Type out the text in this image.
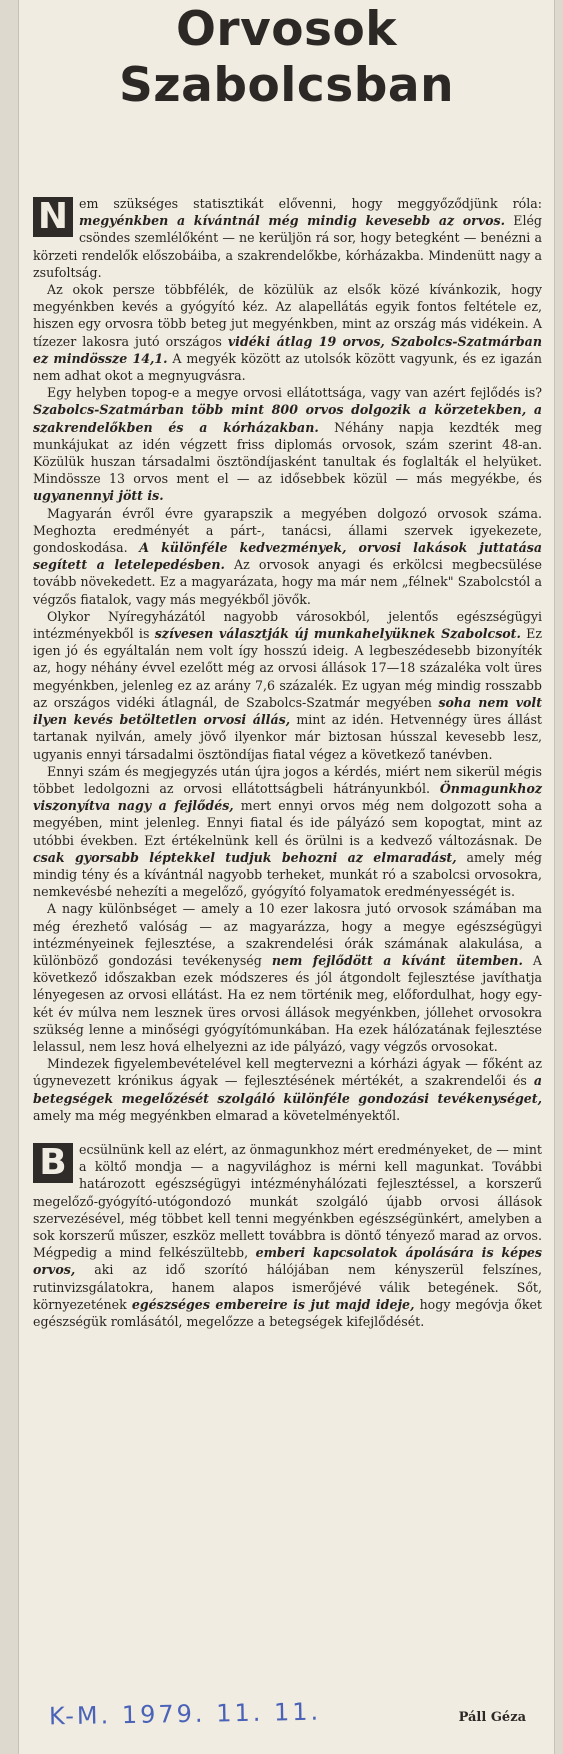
Orvosok
Szabolcsban

N em szükséges statisztikát elővenni, hogy meggyőződjünk róla: megyénkben a kívántnál még mindig kevesebb az orvos. Elég csöndes szemlélőként — ne kerüljön rá sor, hogy betegként — benézni a körzeti rendelők előszobáiba, a szakrendelőkbe, kórházakba. Mindenütt nagy a zsufoltság.

Az okok persze többfélék, de közülük az elsők közé kívánkozik, hogy megyénkben kevés a gyógyító kéz. Az alapellátás egyik fontos feltétele ez, hiszen egy orvosra több beteg jut megyénkben, mint az ország más vidékein. A tízezer lakosra jutó országos vidéki átlag 19 orvos, Szabolcs-Szatmárban ez mindössze 14,1. A megyék között az utolsók között vagyunk, és ez igazán nem adhat okot a megnyugvásra.

Egy helyben topog-e a megye orvosi ellátottsága, vagy van azért fejlődés is? Szabolcs-Szatmárban több mint 800 orvos dolgozik a körzetekben, a szakrendelőkben és a kórházakban. Néhány napja kezdték meg munkájukat az idén végzett friss diplomás orvosok, szám szerint 48-an. Közülük huszan társadalmi ösztöndíjasként tanultak és foglalták el helyüket. Mindössze 13 orvos ment el — az idősebbek közül — más megyékbe, és ugyanennyi jött is.

Magyarán évről évre gyarapszik a megyében dolgozó orvosok száma. Meghozta eredményét a párt-, tanácsi, állami szervek igyekezete, gondoskodása. A különféle kedvezmények, orvosi lakások juttatása segített a letelepedésben. Az orvosok anyagi és erkölcsi megbecsülése tovább növekedett. Ez a magyarázata, hogy ma már nem „félnek" Szabolcstól a végzős fiatalok, vagy más megyékből jövők.

Olykor Nyíregyházától nagyobb városokból, jelentős egészségügyi intézményekből is szívesen választják új munkahelyüknek Szabolcsot. Ez igen jó és egyáltalán nem volt így hosszú ideig. A legbeszédesebb bizonyíték az, hogy néhány évvel ezelőtt még az orvosi állások 17—18 százaléka volt üres megyénkben, jelenleg ez az arány 7,6 százalék. Ez ugyan még mindig rosszabb az országos vidéki átlagnál, de Szabolcs-Szatmár megyében soha nem volt ilyen kevés betöltetlen orvosi állás, mint az idén. Hetvennégy üres állást tartanak nyilván, amely jövő ilyenkor már biztosan hússzal kevesebb lesz, ugyanis ennyi társadalmi ösztöndíjas fiatal végez a következő tanévben.

Ennyi szám és megjegyzés után újra jogos a kérdés, miért nem sikerül mégis többet ledolgozni az orvosi ellátottságbeli hátrányunkból. Önmagunkhoz viszonyítva nagy a fejlődés, mert ennyi orvos még nem dolgozott soha a megyében, mint jelenleg. Ennyi fiatal és ide pályázó sem kopogtat, mint az utóbbi években. Ezt értékelnünk kell és örülni is a kedvező változásnak. De csak gyorsabb léptekkel tudjuk behozni az elmaradást, amely még mindig tény és a kívántnál nagyobb terheket, munkát ró a szabolcsi orvosokra, nemkevésbé nehezíti a megelőző, gyógyító folyamatok eredményességét is.

A nagy különbséget — amely a 10 ezer lakosra jutó orvosok számában ma még érezhető valóság — az magyarázza, hogy a megye egészségügyi intézményeinek fejlesztése, a szakrendelési órák számának alakulása, a különböző gondozási tevékenység nem fejlődött a kívánt ütemben. A következő időszakban ezek módszeres és jól átgondolt fejlesztése javíthatja lényegesen az orvosi ellátást. Ha ez nem történik meg, előfordulhat, hogy egy-két év múlva nem lesznek üres orvosi állások megyénkben, jóllehet orvosokra szükség lenne a minőségi gyógyítómunkában. Ha ezek hálózatának fejlesztése lelassul, nem lesz hová elhelyezni az ide pályázó, vagy végzős orvosokat.

Mindezek figyelembevételével kell megtervezni a kórházi ágyak — főként az úgynevezett krónikus ágyak — fejlesztésének mértékét, a szakrendelői és a betegségek megelőzését szolgáló különféle gondozási tevékenységet, amely ma még megyénkben elmarad a követelményektől.

B ecsülnünk kell az elért, az önmagunkhoz mért eredményeket, de — mint a költő mondja — a nagyvilághoz is mérni kell magunkat. További határozott egészségügyi intézményhálózati fejlesztéssel, a korszerű megelőző-gyógyító-utógondozó munkát szolgáló újabb orvosi állások szervezésével, még többet kell tenni megyénkben egészségünkért, amelyben a sok korszerű műszer, eszköz mellett továbbra is döntő tényező marad az orvos. Mégpedig a mind felkészültebb, emberi kapcsolatok ápolására is képes orvos, aki az idő szorító hálójában nem kényszerül felszínes, rutinvizsgálatokra, hanem alapos ismerőjévé válik betegének. Sőt, környezetének egészséges embereire is jut majd ideje, hogy megóvja őket egészségük romlásától, megelőzze a betegségek kifejlődését.

Páll Géza
K-M. 1979. 11. 11.
